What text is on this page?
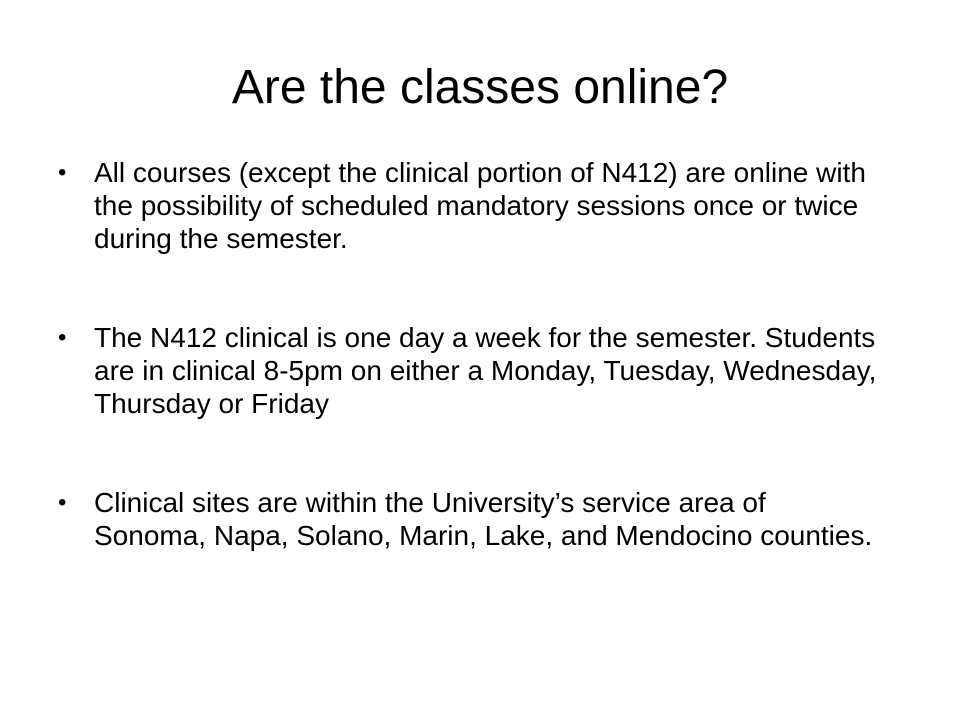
Are the classes online?
• All courses (except the clinical portion of N412) are online with the possibility of scheduled mandatory sessions once or twice during the semester.
• The N412 clinical is one day a week for the semester. Students are in clinical 8-5pm on either a Monday, Tuesday, Wednesday, Thursday or Friday
• Clinical sites are within the University’s service area of Sonoma, Napa, Solano, Marin, Lake, and Mendocino counties.
